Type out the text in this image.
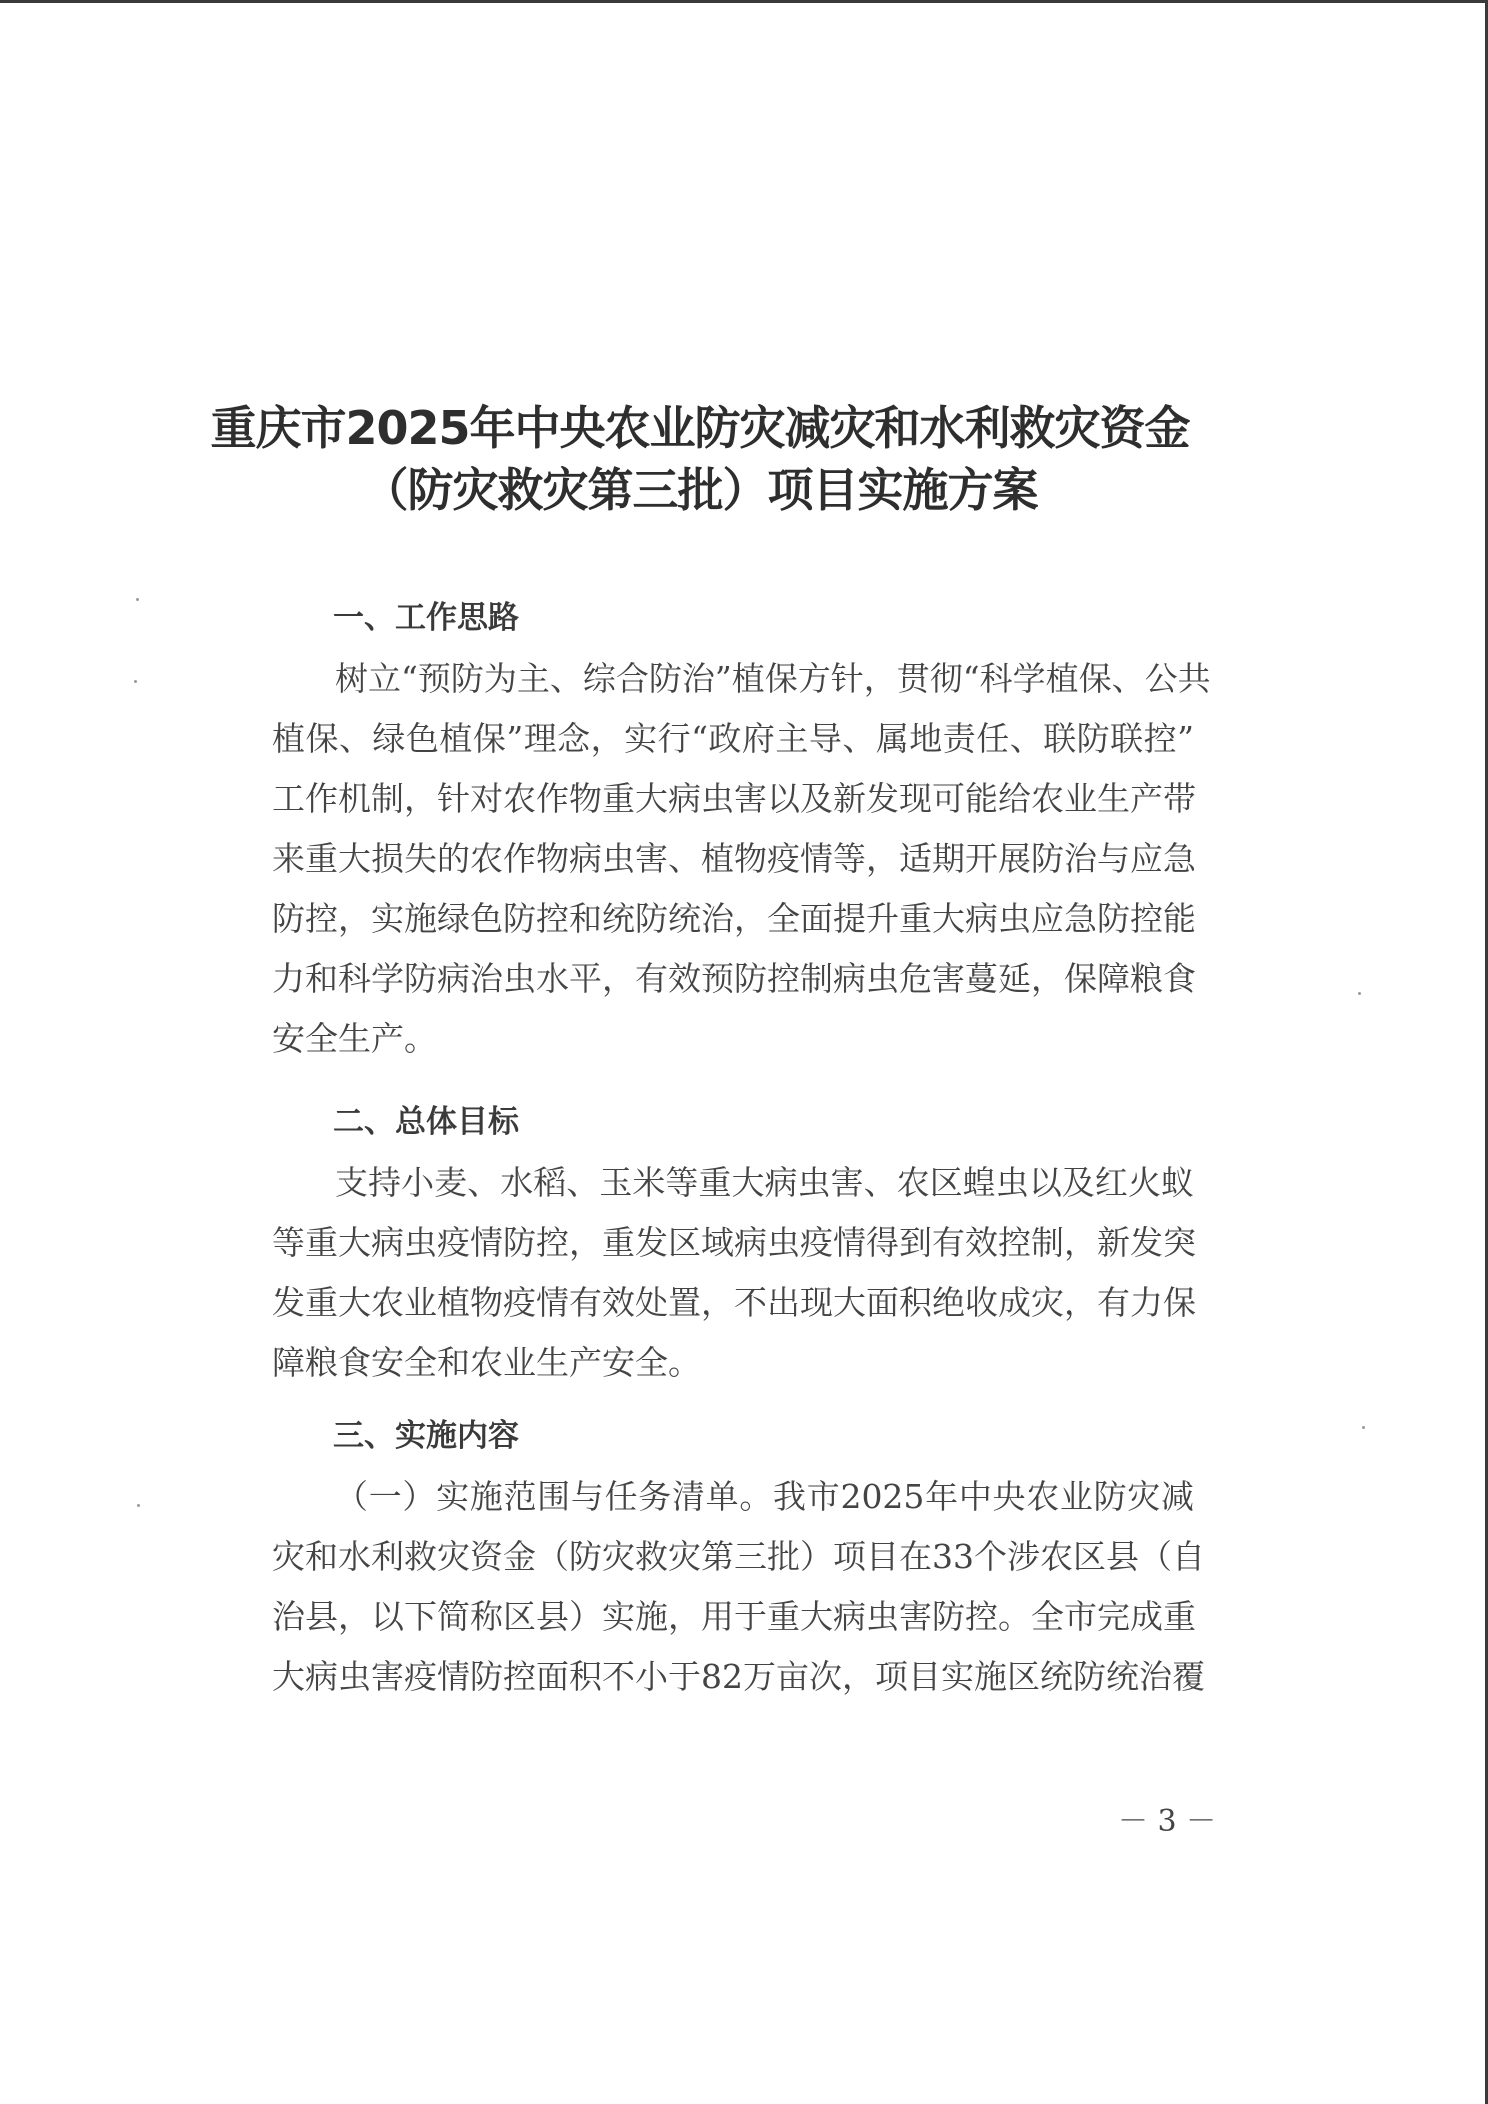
重庆市2025年中央农业防灾减灾和水利救灾资金
（防灾救灾第三批）项目实施方案
一、工作思路

树立“预防为主、综合防治”植保方针，贯彻“科学植保、公共

植保、绿色植保”理念，实行“政府主导、属地责任、联防联控”

工作机制，针对农作物重大病虫害以及新发现可能给农业生产带

来重大损失的农作物病虫害、植物疫情等，适期开展防治与应急

防控，实施绿色防控和统防统治，全面提升重大病虫应急防控能

力和科学防病治虫水平，有效预防控制病虫危害蔓延，保障粮食

安全生产。

二、总体目标

支持小麦、水稻、玉米等重大病虫害、农区蝗虫以及红火蚁

等重大病虫疫情防控，重发区域病虫疫情得到有效控制，新发突

发重大农业植物疫情有效处置，不出现大面积绝收成灾，有力保

障粮食安全和农业生产安全。

三、实施内容

（一）实施范围与任务清单。我市2025年中央农业防灾减

灾和水利救灾资金（防灾救灾第三批）项目在33个涉农区县（自

治县，以下简称区县）实施，用于重大病虫害防控。全市完成重

大病虫害疫情防控面积不小于82万亩次，项目实施区统防统治覆

－ 3 －
